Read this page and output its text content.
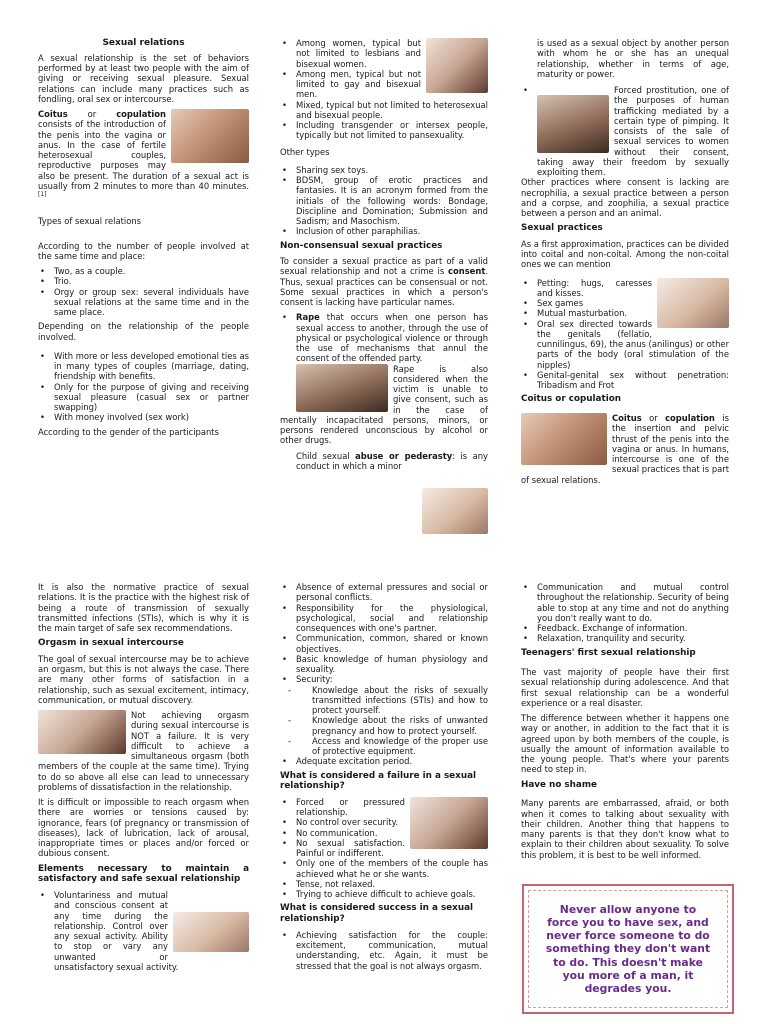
Sexual relations

A sexual relationship is the set of behaviors performed by at least two people with the aim of giving or receiving sexual pleasure. Sexual relations can include many practices such as fondling, oral sex or intercourse.

Coitus or copulation consists of the introduction of the penis into the vagina or anus. In the case of fertile heterosexual couples, reproductive purposes may also be present. The duration of a sexual act is usually from 2 minutes to more than 40 minutes.[1]

Types of sexual relations

According to the number of people involved at the same time and place:

• Two, as a couple.
• Trio.
• Orgy or group sex: several individuals have sexual relations at the same time and in the same place.

Depending on the relationship of the people involved.

• With more or less developed emotional ties as in many types of couples (marriage, dating, friendship with benefits.
• Only for the purpose of giving and receiving sexual pleasure (casual sex or partner swapping)
• With money involved (sex work)

According to the gender of the participants

• Among women, typical but not limited to lesbians and bisexual women.
• Among men, typical but not limited to gay and bisexual men.
• Mixed, typical but not limited to heterosexual and bisexual people.
• Including transgender or intersex people, typically but not limited to pansexuality.

Other types

• Sharing sex toys.
• BDSM, group of erotic practices and fantasies. It is an acronym formed from the initials of the following words: Bondage, Discipline and Domination; Submission and Sadism; and Masochism.
• Inclusion of other paraphilias.
Non-consensual sexual practices

To consider a sexual practice as part of a valid sexual relationship and not a crime is consent. Thus, sexual practices can be consensual or not. Some sexual practices in which a person's consent is lacking have particular names.

• Rape that occurs when one person has sexual access to another, through the use of physical or psychological violence or through the use of mechanisms that annul the consent of the offended party.

Rape is also considered when the victim is unable to give consent, such as in the case of mentally incapacitated persons, minors, or persons rendered unconscious by alcohol or other drugs.

Child sexual abuse or pederasty: is any conduct in which a minor

is used as a sexual object by another person with whom he or she has an unequal relationship, whether in terms of age, maturity or power.

• Forced prostitution, one of the purposes of human trafficking mediated by a certain type of pimping. It consists of the sale of sexual services to women without their consent, taking away their freedom by sexually exploiting them.

Other practices where consent is lacking are necrophilia, a sexual practice between a person and a corpse, and zoophilia, a sexual practice between a person and an animal.

Sexual practices

As a first approximation, practices can be divided into coital and non-coital. Among the non-coital ones we can mention

• Petting: hugs, caresses and kisses.
• Sex games
• Mutual masturbation.
• Oral sex directed towards the genitals (fellatio, cunnilingus, 69), the anus (anilingus) or other parts of the body (oral stimulation of the nipples)
• Genital-genital sex without penetration: Tribadism and Frot
Coitus or copulation

Coitus or copulation is the insertion and pelvic thrust of the penis into the vagina or anus. In humans, intercourse is one of the sexual practices that is part of sexual relations.

It is also the normative practice of sexual relations. It is the practice with the highest risk of being a route of transmission of sexually transmitted infections (STIs), which is why it is the main target of safe sex recommendations.

Orgasm in sexual intercourse

The goal of sexual intercourse may be to achieve an orgasm, but this is not always the case. There are many other forms of satisfaction in a relationship, such as sexual excitement, intimacy, communication, or mutual discovery.

Not achieving orgasm during sexual intercourse is NOT a failure. It is very difficult to achieve a simultaneous orgasm (both members of the couple at the same time). Trying to do so above all else can lead to unnecessary problems of dissatisfaction in the relationship.

It is difficult or impossible to reach orgasm when there are worries or tensions caused by: ignorance, fears (of pregnancy or transmission of diseases), lack of lubrication, lack of arousal, inappropriate times or places and/or forced or dubious consent.

Elements necessary to maintain a satisfactory and safe sexual relationship
• Voluntariness and mutual and conscious consent at any time during the relationship. Control over any sexual activity. Ability to stop or vary any unwanted or unsatisfactory sexual activity.
• Absence of external pressures and social or personal conflicts.
• Responsibility for the physiological, psychological, social and relationship consequences with one's partner.
• Communication, common, shared or known objectives.
• Basic knowledge of human physiology and sexuality.
• Security:
- Knowledge about the risks of sexually transmitted infections (STIs) and how to protect yourself.
- Knowledge about the risks of unwanted pregnancy and how to protect yourself.
- Access and knowledge of the proper use of protective equipment.
• Adequate excitation period.
What is considered a failure in a sexual relationship?
• Forced or pressured relationship.
• No control over security.
• No communication.
• No sexual satisfaction. Painful or indifferent.
• Only one of the members of the couple has achieved what he or she wants.
• Tense, not relaxed.
• Trying to achieve difficult to achieve goals.
What is considered success in a sexual relationship?
• Achieving satisfaction for the couple: excitement, communication, mutual understanding, etc. Again, it must be stressed that the goal is not always orgasm.
• Communication and mutual control throughout the relationship. Security of being able to stop at any time and not do anything you don't really want to do.
• Feedback. Exchange of information.
• Relaxation, tranquility and security.
Teenagers' first sexual relationship

The vast majority of people have their first sexual relationship during adolescence. And that first sexual relationship can be a wonderful experience or a real disaster.

The difference between whether it happens one way or another, in addition to the fact that it is agreed upon by both members of the couple, is usually the amount of information available to the young people. That's where your parents need to step in.

Have no shame

Many parents are embarrassed, afraid, or both when it comes to talking about sexuality with their children. Another thing that happens to many parents is that they don't know what to explain to their children about sexuality. To solve this problem, it is best to be well informed.

Never allow anyone to force you to have sex, and never force someone to do something they don't want to do. This doesn't make you more of a man, it degrades you.
